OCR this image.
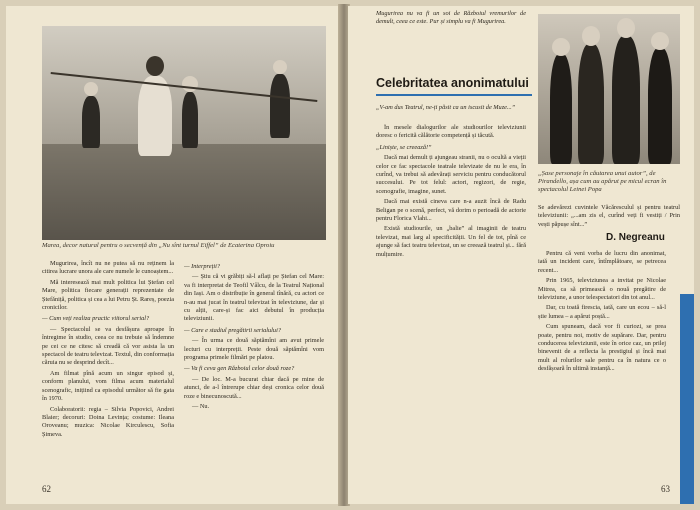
Marea, decor natural pentru o secvență din „Nu sînt turnul Eiffel” de Ecaterina Oproiu

Mugurirea, încît nu ne putea să nu reținem la citirea lucrare unora ale care numele le cunoaștem...

Mă interesează mai mult politica lui Ștefan cel Mare, politica fiecare generații reprezentate de Ștefăniță, politica și cea a lui Petru Șt. Rareș, poezia cronicilor.

— Cum veți realiza practic viitorul serial?

— Spectacolul se va desfășura aproape în întregime în studio, ceea ce nu trebuie să îndemne pe cei ce ne citesc să creadă că vor asista la un spectacol de teatru televizat. Textul, din conformația căruia nu se desprind decît...

Am filmat pînă acum un singur episod și, conform planului, vom filma acum materialul scenografic, inițiind ca episodul următor să fie gata în 1970.

Colaboratorii: regia – Silvia Popovici, Andrei Blaier; decoruri: Doina Levința; costume: Ileana Oroveanu; muzica: Nicolae Kirculescu, Sofia Șimeva.

— Interpreții?

— Știu că vi grăbiți să-l aflați pe Ștefan cel Mare: va fi interpretat de Teofil Vâlcu, de la Teatrul Național din Iași. Am o distribuție în general tînără, cu actori ce n-au mai jucat în teatrul televizat în televiziune, dar și cu alții, care-și fac aici debutul în producția televiziunii.

— Care e stadiul pregătirii serialului?

— În urma ce două săptămîni am avut primele lecturi cu interpreții. Peste două săptămîni vom programa primele filmări pe platou.

— Va fi ceva gen Războiul celor două roze?

— De loc. M-a bucurat chiar dacă pe mine de atunci, de a-l întrerupe chiar deși cronica celor două roze e binecunoscută...

— Nu.

62
Mugurirea nu va fi un soi de Războiul vremurilor de demult, ceea ce este. Pur și simplu va fi Mugurirea.
Celebritatea anonimatului
„V-am dus Teatrul, ne-ți păsit ca un iscusit de Muze...”

În mesele dialogurilor ale studiourilor televiziunii doresc o fericită călătorie competență și tăcută.

„Liniște, se creează!”

Dacă mai demult ți ajungeau stranii, nu o ocultă a vieții celor ce fac spectacole teatrale televizate de nu le era, în curînd, va trebui să adevărați serviciu pentru conducătorul succesului. Pe tot felul: actori, regizori, de regie, scenografie, imagine, sunet.

Dacă mai există cineva care n-a auzit încă de Radu Beligan pe o scenă, perfect, vă dorim o perioadă de actorie pentru Florica Vlahi...

Există studiourile, un „balie” al imaginii de teatru televizat, mai larg al specificității. Un fel de tot, pînă ce ajunge să faci teatru televizat, un se creează teatrul și... fără mulțumire.

„Șase personaje în căutarea unui autor”, de Pirandello, așa cum au apărut pe micul ecran în spectacolul Leinei Popa
Se adevărezi cuvintele Văcăresculul și pentru teatrul televiziunii: „...am zis el, curînd veți fi vestiți / Prin vești păpușe sînt...”
D. Negreanu

Pentru că veni vorba de lucru din anonimat, iată un incident care, întîmplătoare, se petrecea recent...

Prin 1965, televiziunea a invitat pe Nicolae Mitrea, ca să primească o nouă pregătire de televiziune, a unor telespectatori din tot anul...

Dar, cu toată firescia, iată, care un ecou – să-l știe lumea – a apărut poștă...

Cum spuneam, dacă vor fi curiozi, se prea poate, pentru noi, motiv de supărare. Dar, pentru conducerea televiziunii, este în orice caz, un prilej binevenit de a reflecta la prestigiul și încă mai mult al rolurilor sale pentru ca în natura ce o desfășoară în ultimă instanță...

63
